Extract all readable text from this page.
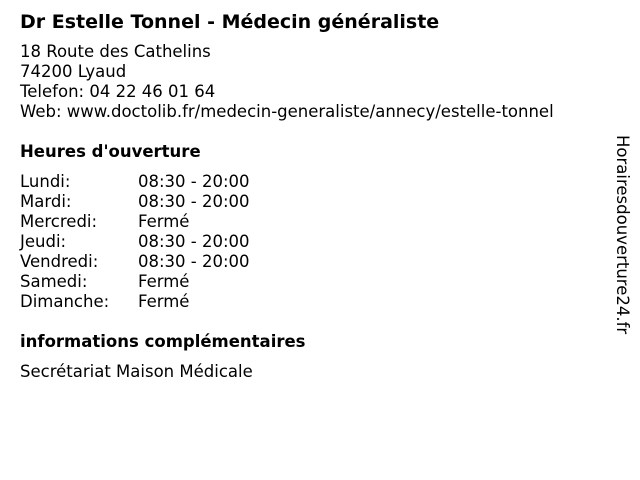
Dr Estelle Tonnel - Médecin généraliste
18 Route des Cathelins
74200 Lyaud
Telefon: 04 22 46 01 64
Web: www.doctolib.fr/medecin-generaliste/annecy/estelle-tonnel
Heures d'ouverture
Lundi:	08:30 - 20:00
Mardi:	08:30 - 20:00
Mercredi:	Fermé
Jeudi:	08:30 - 20:00
Vendredi:	08:30 - 20:00
Samedi:	Fermé
Dimanche:	Fermé
informations complémentaires
Secrétariat Maison Médicale
Horairesdouverture24.fr
